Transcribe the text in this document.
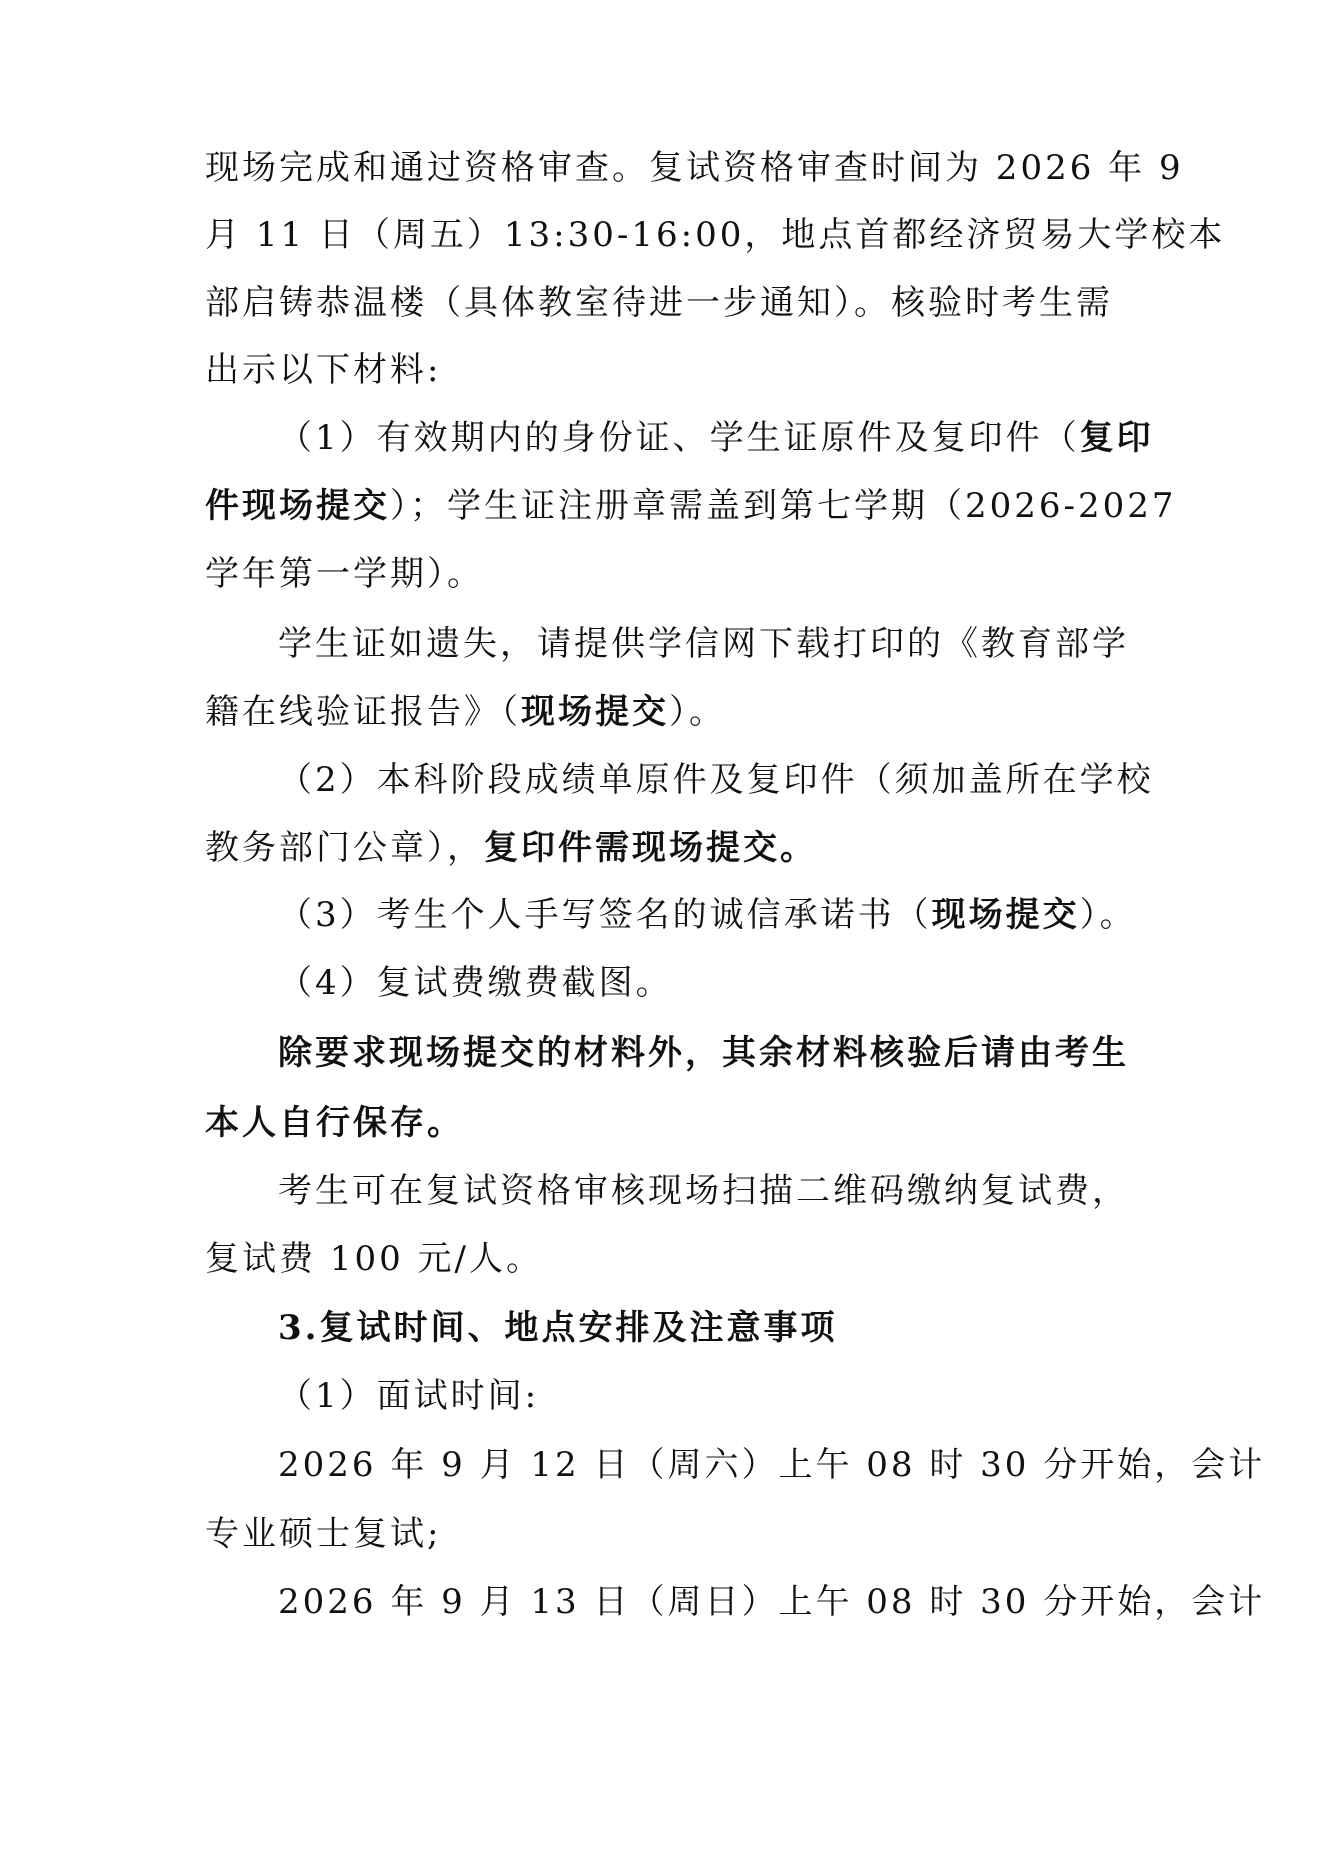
现场完成和通过资格审查。复试资格审查时间为 2026 年 9
月 11 日（周五）13:30-16:00，地点首都经济贸易大学校本
部启铸恭温楼（具体教室待进一步通知）。核验时考生需
出示以下材料:
（1）有效期内的身份证、学生证原件及复印件（复印
件现场提交）；学生证注册章需盖到第七学期（2026-2027
学年第一学期）。
学生证如遗失，请提供学信网下载打印的《教育部学
籍在线验证报告》（现场提交）。
（2）本科阶段成绩单原件及复印件（须加盖所在学校
教务部门公章），复印件需现场提交。
（3）考生个人手写签名的诚信承诺书（现场提交）。
（4）复试费缴费截图。
除要求现场提交的材料外，其余材料核验后请由考生
本人自行保存。
考生可在复试资格审核现场扫描二维码缴纳复试费，
复试费 100 元/人。
3.复试时间、地点安排及注意事项
（1）面试时间:
2026 年 9 月 12 日（周六）上午 08 时 30 分开始，会计
专业硕士复试;
2026 年 9 月 13 日（周日）上午 08 时 30 分开始，会计
